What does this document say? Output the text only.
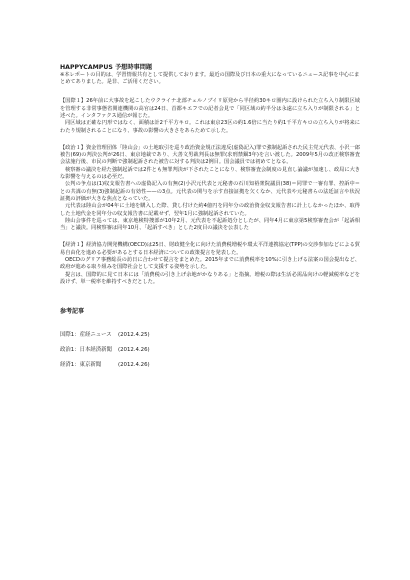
HAPPYCAMPUS 予想時事問題

※本レポートの目的は、学習情報共有として提供しております。最近の国際及び日本の重大になっているニュース記事を中心にまとめてありました。是非、ご活用ください。

【国際１】26年前に大事故を起こしたウクライナ北部チェルノブイリ原発から半径約30キロ圏内に設けられた立ち入り制限区域を管理する非常事態省関連機関の高官は24日、首都キエフでの記者会見で「同区域の約半分は永遠に立ち入りが制限される」と述べた。インタファクス通信が報じた。

同区域は正確な円形ではなく、面積は計2千平方キロ。これは東京23区の約1.6倍に当たり約1千平方キロの立ち入りが将来にわたり規制されることになり、事故の影響の大きさをあらためて示した。

【政治１】資金管理団体「陸山会」の土地取引を巡り政治資金規正法違反(虚偽記入)罪で強制起訴された民主党元代表、小沢一郎被告(69)の判決公判が26日、東京地裁であり、大善文男裁判長は無罪(求刑禁錮3年)を言い渡した。2009年5月の改正検察審査会法施行後、市民の判断で強制起訴された被告に対する判決は2例目。国会議員では初めてとなる。

検察審の議決を経た強制起訴では2件とも無罪判決が下されたことになり、検察審査会制度の見直し論議が加速し、政局に大きな影響を与えるのは必至だ。

公判の争点は(1)収支報告書への虚偽記入の有無(2)小沢元代表と元秘書の石川知裕衆院議員(38)＝同罪で一審有罪、控訴中＝との共謀の有無(3)強制起訴の有効性——の3点。元代表の関与を示す直接証拠を欠くなか、元代表や元秘書らの法廷証言や状況証拠の評価が大きな焦点となっていた。

元代表は陸山会が04年に土地を購入した際、貸し付けた約4億円を同年分の政治資金収支報告書に計上しなかったほか、取得した土地代金を同年分の収支報告書に記載せず、翌年1月に強制起訴されていた。

陸山会事件を巡っては、東京地検特捜部が10年2月、元代表を不起訴処分としたが、同年4月に東京第5検察審査会が「起訴相当」と議決。同検察審は同年10月、「起訴すべき」とした2度目の議決を公表した

【経済１】経済協力開発機構(OECD)は25日、財政健全化に向けた消費税増税や環太平洋連携協定(TPP)の交渉参加などによる貿易自由化を進める必要があるとする日本経済についての政策提言を発表した。

OECDのグリア事務総長の訪日に合わせて提言をまとめた。2015年までに消費税率を10%に引き上げる法案の国会提出など、政府が進める取り組みを国際社会として支援する姿勢を示した。

提言は、国際的に見て日本には「消費税の引き上げ余地がかなりある」と指摘。増税の際は生活必需品向けの軽減税率などを設けず、単一税率を維持すべきだとした。

参考記事
国際1：産経ニュース	(2012.4.25)
政治1：日本経済新聞	(2012.4.26)
経済1：東京新聞	(2012.4.26)
